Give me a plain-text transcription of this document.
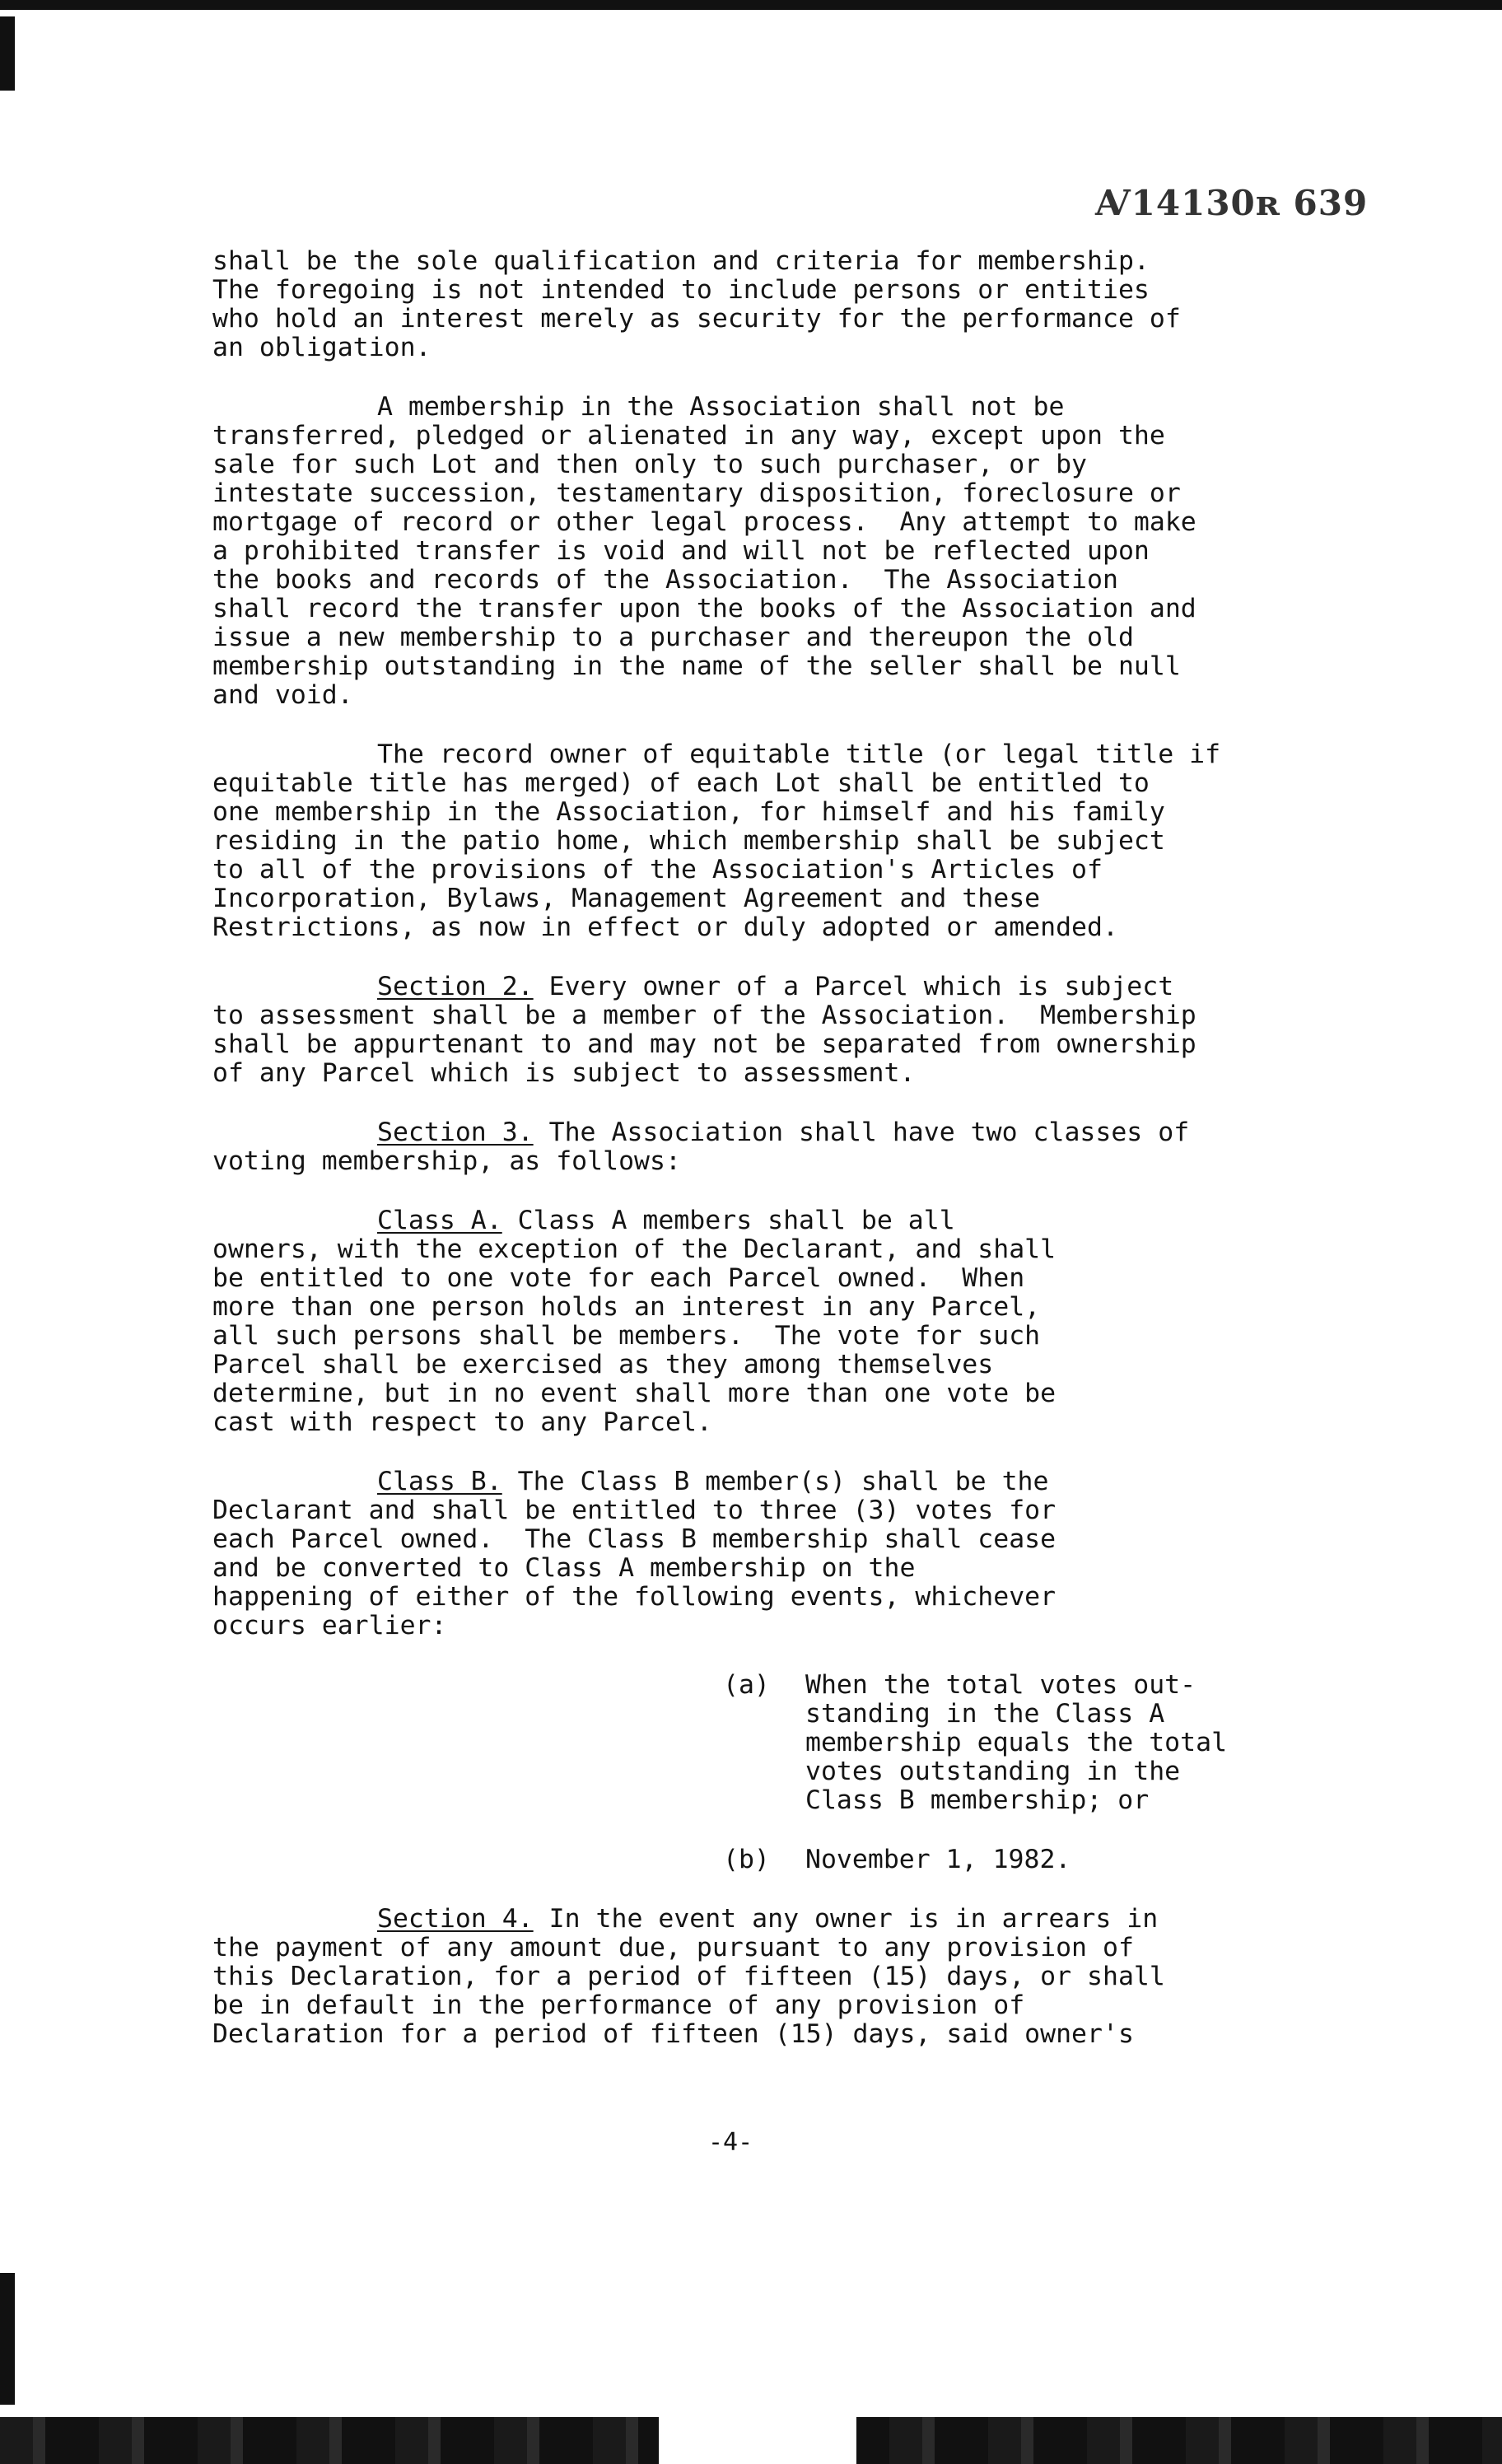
Ꜹ14130ʀ 639

shall be the sole qualification and criteria for membership.
The foregoing is not intended to include persons or entities
who hold an interest merely as security for the performance of
an obligation.

A membership in the Association shall not be
transferred, pledged or alienated in any way, except upon the
sale for such Lot and then only to such purchaser, or by
intestate succession, testamentary disposition, foreclosure or
mortgage of record or other legal process.  Any attempt to make
a prohibited transfer is void and will not be reflected upon
the books and records of the Association.  The Association
shall record the transfer upon the books of the Association and
issue a new membership to a purchaser and thereupon the old
membership outstanding in the name of the seller shall be null
and void.

The record owner of equitable title (or legal title if
equitable title has merged) of each Lot shall be entitled to
one membership in the Association, for himself and his family
residing in the patio home, which membership shall be subject
to all of the provisions of the Association's Articles of
Incorporation, Bylaws, Management Agreement and these
Restrictions, as now in effect or duly adopted or amended.

Section 2. Every owner of a Parcel which is subject
to assessment shall be a member of the Association.  Membership
shall be appurtenant to and may not be separated from ownership
of any Parcel which is subject to assessment.

Section 3. The Association shall have two classes of
voting membership, as follows:

Class A. Class A members shall be all
owners, with the exception of the Declarant, and shall
be entitled to one vote for each Parcel owned.  When
more than one person holds an interest in any Parcel,
all such persons shall be members.  The vote for such
Parcel shall be exercised as they among themselves
determine, but in no event shall more than one vote be
cast with respect to any Parcel.

Class B. The Class B member(s) shall be the
Declarant and shall be entitled to three (3) votes for
each Parcel owned.  The Class B membership shall cease
and be converted to Class A membership on the
happening of either of the following events, whichever
occurs earlier:

(a)	When the total votes out-
standing in the Class A
membership equals the total
votes outstanding in the
Class B membership; or
(b)	November 1, 1982.

Section 4. In the event any owner is in arrears in
the payment of any amount due, pursuant to any provision of
this Declaration, for a period of fifteen (15) days, or shall
be in default in the performance of any provision of
Declaration for a period of fifteen (15) days, said owner's

-4-
